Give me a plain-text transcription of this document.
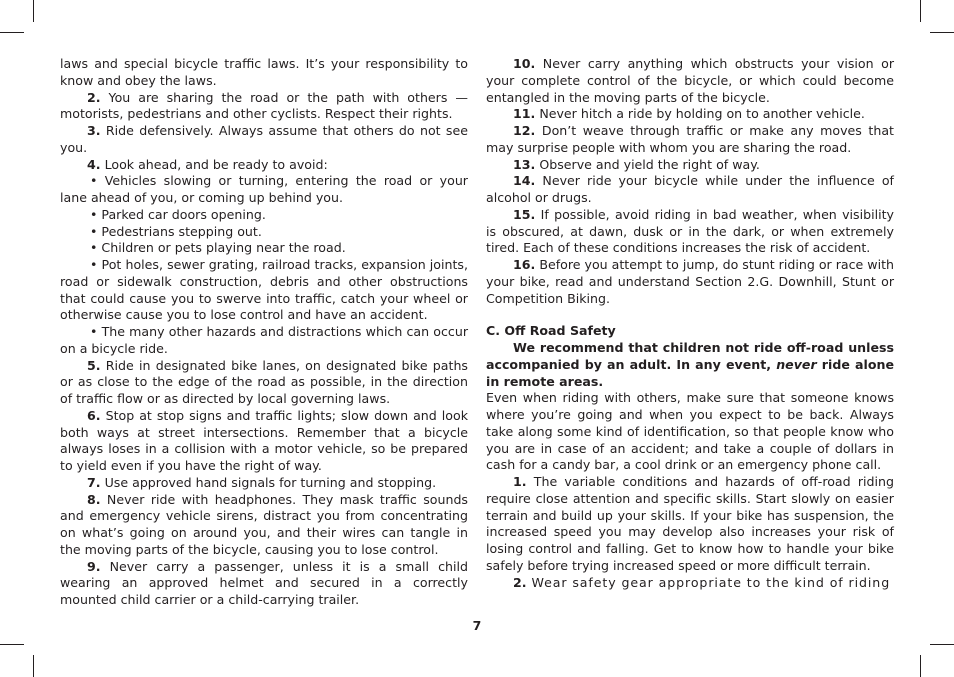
laws and special bicycle traffic laws. It’s your responsibility to know and obey the laws.

2. You are sharing the road or the path with others — motorists, pedestrians and other cyclists. Respect their rights.

3. Ride defensively. Always assume that others do not see you.

4. Look ahead, and be ready to avoid:

• Vehicles slowing or turning, entering the road or your lane ahead of you, or coming up behind you.

• Parked car doors opening.

• Pedestrians stepping out.

• Children or pets playing near the road.

• Pot holes, sewer grating, railroad tracks, expansion joints, road or sidewalk construction, debris and other obstructions that could cause you to swerve into traffic, catch your wheel or otherwise cause you to lose control and have an accident.

• The many other hazards and distractions which can occur on a bicycle ride.

5. Ride in designated bike lanes, on designated bike paths or as close to the edge of the road as possible, in the direction of traffic flow or as directed by local governing laws.

6. Stop at stop signs and traffic lights; slow down and look both ways at street intersections. Remember that a bicycle always loses in a collision with a motor vehicle, so be prepared to yield even if you have the right of way.

7. Use approved hand signals for turning and stopping.

8. Never ride with headphones. They mask traffic sounds and emergency vehicle sirens, distract you from concentrating on what’s going on around you, and their wires can tangle in the moving parts of the bicycle, causing you to lose control.

9. Never carry a passenger, unless it is a small child wearing an approved helmet and secured in a correctly mounted child carrier or a child-carrying trailer.

10. Never carry anything which obstructs your vision or your complete control of the bicycle, or which could become entangled in the moving parts of the bicycle.

11. Never hitch a ride by holding on to another vehicle.

12. Don’t weave through traffic or make any moves that may surprise people with whom you are sharing the road.

13. Observe and yield the right of way.

14. Never ride your bicycle while under the influence of alcohol or drugs.

15. If possible, avoid riding in bad weather, when visibility is obscured, at dawn, dusk or in the dark, or when extremely tired. Each of these conditions increases the risk of accident.

16. Before you attempt to jump, do stunt riding or race with your bike, read and understand Section 2.G. Downhill, Stunt or Competition Biking.

C. Off Road Safety

We recommend that children not ride off-road unless accompanied by an adult. In any event, never ride alone in remote areas.

Even when riding with others, make sure that someone knows where you’re going and when you expect to be back. Always take along some kind of identification, so that people know who you are in case of an accident; and take a couple of dollars in cash for a candy bar, a cool drink or an emergency phone call.

1. The variable conditions and hazards of off-road riding require close attention and specific skills. Start slowly on easier terrain and build up your skills. If your bike has suspension, the increased speed you may develop also increases your risk of losing control and falling. Get to know how to handle your bike safely before trying increased speed or more difficult terrain.

2. Wear safety gear appropriate to the kind of riding

7
